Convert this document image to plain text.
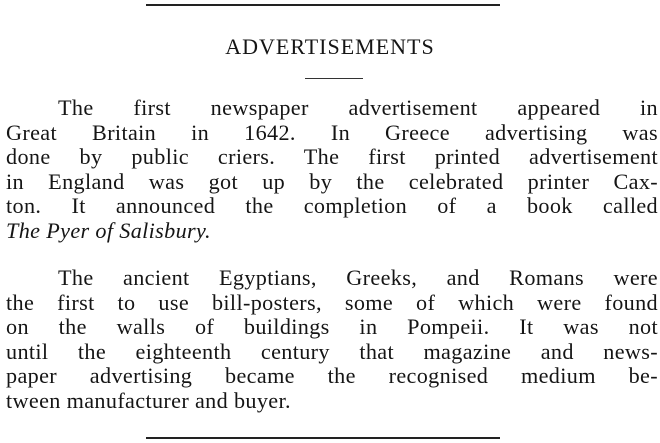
ADVERTISEMENTS
The first newspaper advertisement appeared in
Great Britain in 1642. In Greece advertising was
done by public criers. The first printed advertisement
in England was got up by the celebrated printer Cax-
ton. It announced the completion of a book called
The Pyer of Salisbury.
The ancient Egyptians, Greeks, and Romans were
the first to use bill-posters, some of which were found
on the walls of buildings in Pompeii. It was not
until the eighteenth century that magazine and news-
paper advertising became the recognised medium be-
tween manufacturer and buyer.
